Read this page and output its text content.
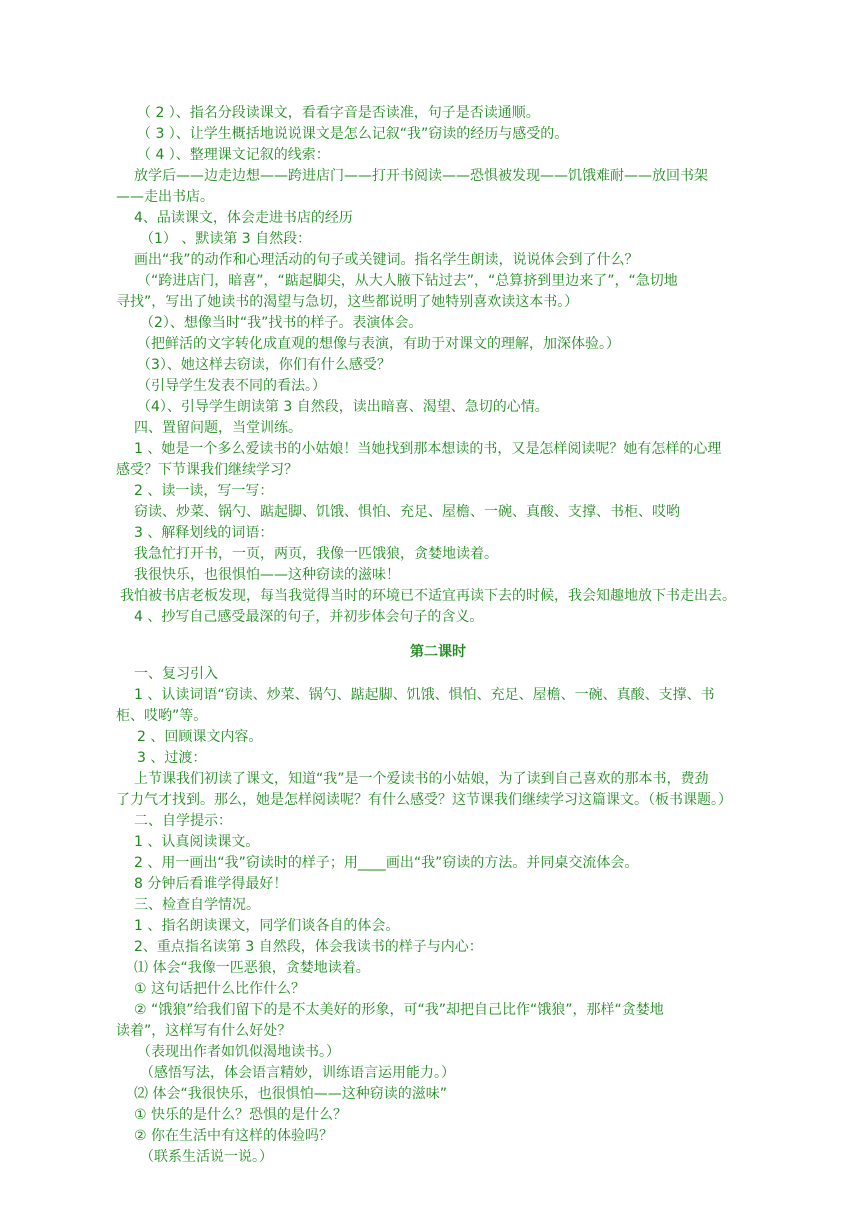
（ 2 ）、指名分段读课文，看看字音是否读准，句子是否读通顺。
（ 3 ）、让学生概括地说说课文是怎么记叙“我”窃读的经历与感受的。
（ 4 ）、整理课文记叙的线索：
放学后——边走边想——跨进店门——打开书阅读——恐惧被发现——饥饿难耐——放回书架
——走出书店。
4、品读课文，体会走进书店的经历
（1） 、默读第 3 自然段：
画出“我”的动作和心理活动的句子或关键词。指名学生朗读，说说体会到了什么？
（“跨进店门，暗喜”，“踮起脚尖，从大人腋下钻过去”，“总算挤到里边来了”，“急切地
寻找”，写出了她读书的渴望与急切，这些都说明了她特别喜欢读这本书。）
（2）、想像当时“我”找书的样子。表演体会。
（把鲜活的文字转化成直观的想像与表演，有助于对课文的理解，加深体验。）
（3）、她这样去窃读，你们有什么感受？
（引导学生发表不同的看法。）
（4）、引导学生朗读第 3 自然段，读出暗喜、渴望、急切的心情。
四、置留问题，当堂训练。
1 、她是一个多么爱读书的小姑娘！当她找到那本想读的书，又是怎样阅读呢？她有怎样的心理
感受？下节课我们继续学习？
2 、读一读，写一写：
窃读、炒菜、锅勺、踮起脚、饥饿、惧怕、充足、屋檐、一碗、真酸、支撑、书柜、哎哟
3 、解释划线的词语：
我急忙打开书，一页，两页，我像一匹饿狼，贪婪地读着。
我很快乐，也很惧怕——这种窃读的滋味！
我怕被书店老板发现，每当我觉得当时的环境已不适宜再读下去的时候，我会知趣地放下书走出去。
4 、抄写自己感受最深的句子，并初步体会句子的含义。
第二课时
一、复习引入
1 、认读词语“窃读、炒菜、锅勺、踮起脚、饥饿、惧怕、充足、屋檐、一碗、真酸、支撑、书
柜、哎哟”等。
2 、回顾课文内容。
3 、过渡：
上节课我们初读了课文，知道“我”是一个爱读书的小姑娘，为了读到自己喜欢的那本书，费劲
了力气才找到。那么，她是怎样阅读呢？有什么感受？这节课我们继续学习这篇课文。（板书课题。）
二、自学提示：
1 、认真阅读课文。
2 、用一画出“我”窃读时的样子；用____画出“我”窃读的方法。并同桌交流体会。
8 分钟后看谁学得最好！
三、检查自学情况。
1 、指名朗读课文，同学们谈各自的体会。
2、重点指名读第 3 自然段，体会我读书的样子与内心：
⑴ 体会“我像一匹恶狼，贪婪地读着。
① 这句话把什么比作什么？
② “饿狼”给我们留下的是不太美好的形象，可“我”却把自己比作“饿狼”，那样“贪婪地
读着”，这样写有什么好处？
（表现出作者如饥似渴地读书。）
（感悟写法，体会语言精妙，训练语言运用能力。）
⑵ 体会“我很快乐，也很惧怕——这种窃读的滋味”
① 快乐的是什么？恐惧的是什么？
② 你在生活中有这样的体验吗？
（联系生活说一说。）
